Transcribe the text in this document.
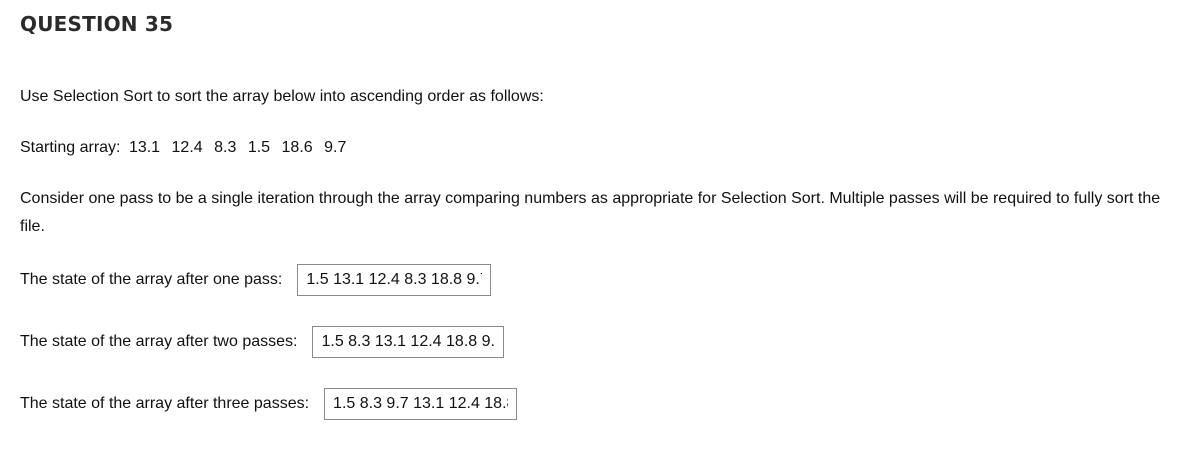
QUESTION 35
Use Selection Sort to sort the array below into ascending order as follows:
Starting array: 13.1 12.4 8.3 1.5 18.6 9.7
Consider one pass to be a single iteration through the array comparing numbers as appropriate for Selection Sort. Multiple passes will be required to fully sort the file.
The state of the array after one pass:
1.5 13.1 12.4 8.3 18.8 9.7
The state of the array after two passes:
1.5 8.3 13.1 12.4 18.8 9.7
The state of the array after three passes:
1.5 8.3 9.7 13.1 12.4 18.8
